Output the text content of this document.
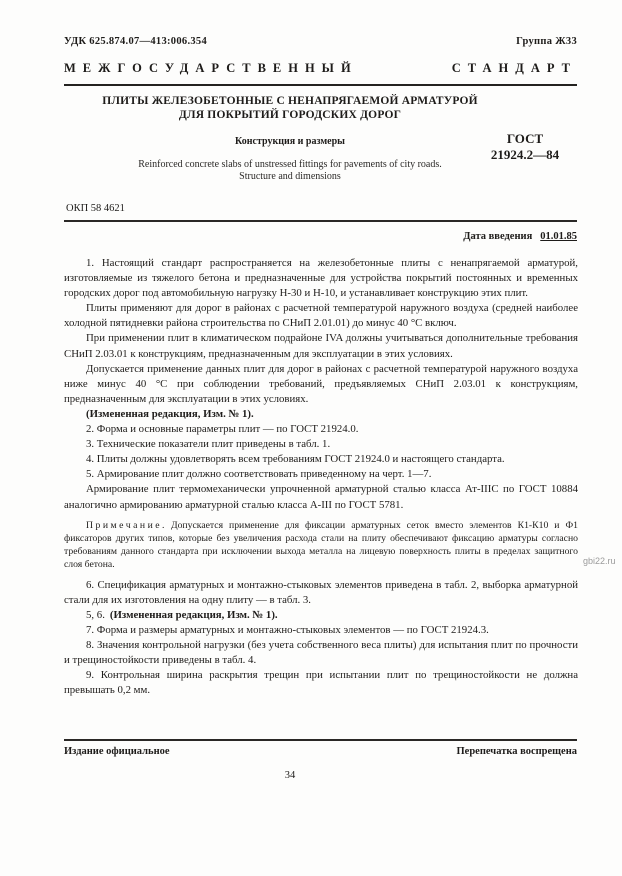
УДК 625.874.07—413:006.354	Группа Ж33
МЕЖГОСУДАРСТВЕННЫЙ	СТАНДАРТ
ПЛИТЫ ЖЕЛЕЗОБЕТОННЫЕ С НЕНАПРЯГАЕМОЙ АРМАТУРОЙ
ДЛЯ ПОКРЫТИЙ ГОРОДСКИХ ДОРОГ
Конструкция и размеры	ГОСТ
21924.2—84
Reinforced concrete slabs of unstressed fittings for pavements of city roads.
Structure and dimensions
ОКП 58 4621
Дата введения 01.01.85

1. Настоящий стандарт распространяется на железобетонные плиты с ненапрягаемой арматурой, изготовляемые из тяжелого бетона и предназначенные для устройства покрытий постоянных и временных городских дорог под автомобильную нагрузку Н-30 и Н-10, и устанавливает конструкцию этих плит.

Плиты применяют для дорог в районах с расчетной температурой наружного воздуха (средней наиболее холодной пятидневки района строительства по СНиП 2.01.01) до минус 40 °С включ.

При применении плит в климатическом подрайоне IVA должны учитываться дополнительные требования СНиП 2.03.01 к конструкциям, предназначенным для эксплуатации в этих условиях.

Допускается применение данных плит для дорог в районах с расчетной температурой наружного воздуха ниже минус 40 °С при соблюдении требований, предъявляемых СНиП 2.03.01 к конструкциям, предназначенным для эксплуатации в этих условиях.

(Измененная редакция, Изм. № 1).

2. Форма и основные параметры плит — по ГОСТ 21924.0.

3. Технические показатели плит приведены в табл. 1.

4. Плиты должны удовлетворять всем требованиям ГОСТ 21924.0 и настоящего стандарта.

5. Армирование плит должно соответствовать приведенному на черт. 1—7.

Армирование плит термомеханически упрочненной арматурной сталью класса Ат-IIIC по ГОСТ 10884 аналогично армированию арматурной сталью класса А-III по ГОСТ 5781.

Примечание. Допускается применение для фиксации арматурных сеток вместо элементов К1-К10 и Ф1 фиксаторов других типов, которые без увеличения расхода стали на плиту обеспечивают фиксацию арматуры согласно требованиям данного стандарта при исключении выхода металла на лицевую поверхность плиты в пределах защитного слоя бетона.

6. Спецификация арматурных и монтажно-стыковых элементов приведена в табл. 2, выборка арматурной стали для их изготовления на одну плиту — в табл. 3.

5, 6. (Измененная редакция, Изм. № 1).

7. Форма и размеры арматурных и монтажно-стыковых элементов — по ГОСТ 21924.3.

8. Значения контрольной нагрузки (без учета собственного веса плиты) для испытания плит по прочности и трещиностойкости приведены в табл. 4.

9. Контрольная ширина раскрытия трещин при испытании плит по трещиностойкости не должна превышать 0,2 мм.

Издание официальное	Перепечатка воспрещена
34
gbi22.ru
